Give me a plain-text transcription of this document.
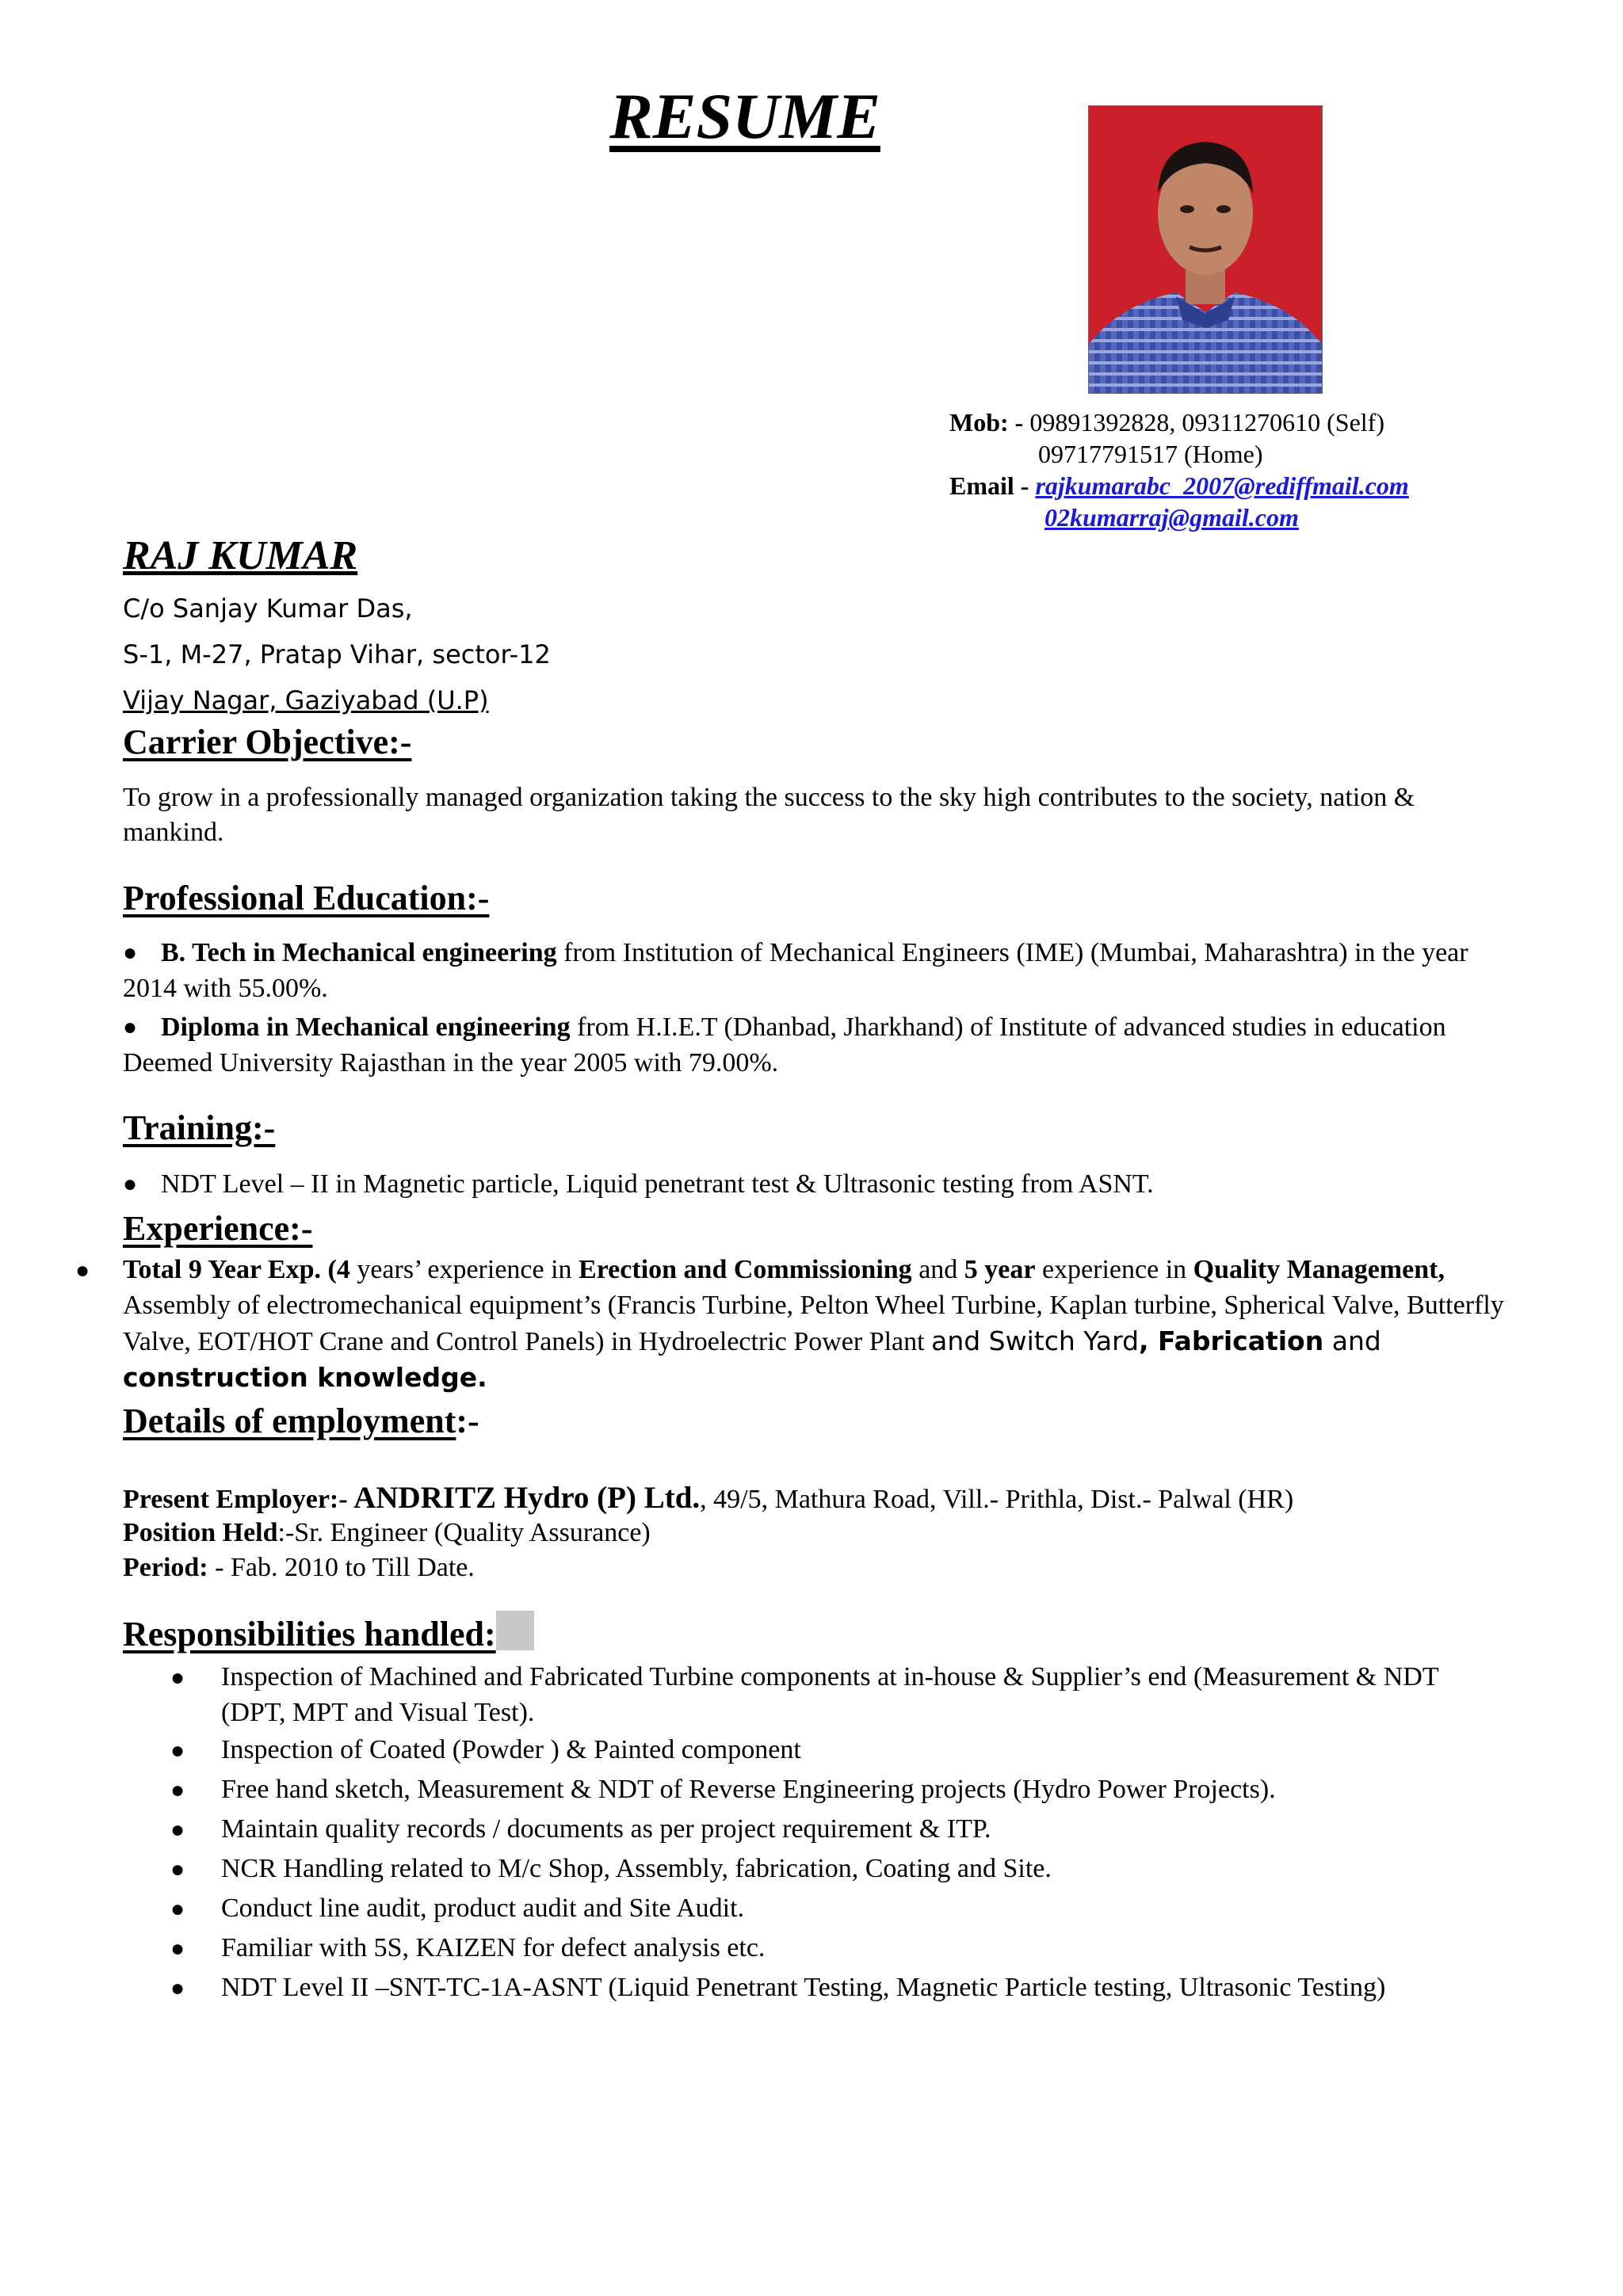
RESUME
Mob: - 09891392828, 09311270610 (Self)
09717791517 (Home)
Email - rajkumarabc_2007@rediffmail.com
02kumarraj@gmail.com
RAJ KUMAR
C/o Sanjay Kumar Das,
S-1, M-27, Pratap Vihar, sector-12
Vijay Nagar, Gaziyabad (U.P)
Carrier Objective:-
To grow in a professionally managed organization taking the success to the sky high contributes to the society, nation & mankind.
Professional Education:-
● B. Tech in Mechanical engineering from Institution of Mechanical Engineers (IME) (Mumbai, Maharashtra) in the year 2014 with 55.00%.
● Diploma in Mechanical engineering from H.I.E.T (Dhanbad, Jharkhand) of Institute of advanced studies in education Deemed University Rajasthan in the year 2005 with 79.00%.
Training:-
● NDT Level – II in Magnetic particle, Liquid penetrant test & Ultrasonic testing from ASNT.
Experience:-
● Total 9 Year Exp. (4 years’ experience in Erection and Commissioning and 5 year experience in Quality Management, Assembly of electromechanical equipment’s (Francis Turbine, Pelton Wheel Turbine, Kaplan turbine, Spherical Valve, Butterfly Valve, EOT/HOT Crane and Control Panels) in Hydroelectric Power Plant and Switch Yard, Fabrication and construction knowledge.
Details of employment:-
Present Employer:- ANDRITZ Hydro (P) Ltd., 49/5, Mathura Road, Vill.- Prithla, Dist.- Palwal (HR)
Position Held:-Sr. Engineer (Quality Assurance)
Period: - Fab. 2010 to Till Date.
Responsibilities handled:
● Inspection of Machined and Fabricated Turbine components at in-house & Supplier’s end (Measurement & NDT (DPT, MPT and Visual Test).
● Inspection of Coated (Powder ) & Painted component
● Free hand sketch, Measurement & NDT of Reverse Engineering projects (Hydro Power Projects).
● Maintain quality records / documents as per project requirement & ITP.
● NCR Handling related to M/c Shop, Assembly, fabrication, Coating and Site.
● Conduct line audit, product audit and Site Audit.
● Familiar with 5S, KAIZEN for defect analysis etc.
● NDT Level II –SNT-TC-1A-ASNT (Liquid Penetrant Testing, Magnetic Particle testing, Ultrasonic Testing)
